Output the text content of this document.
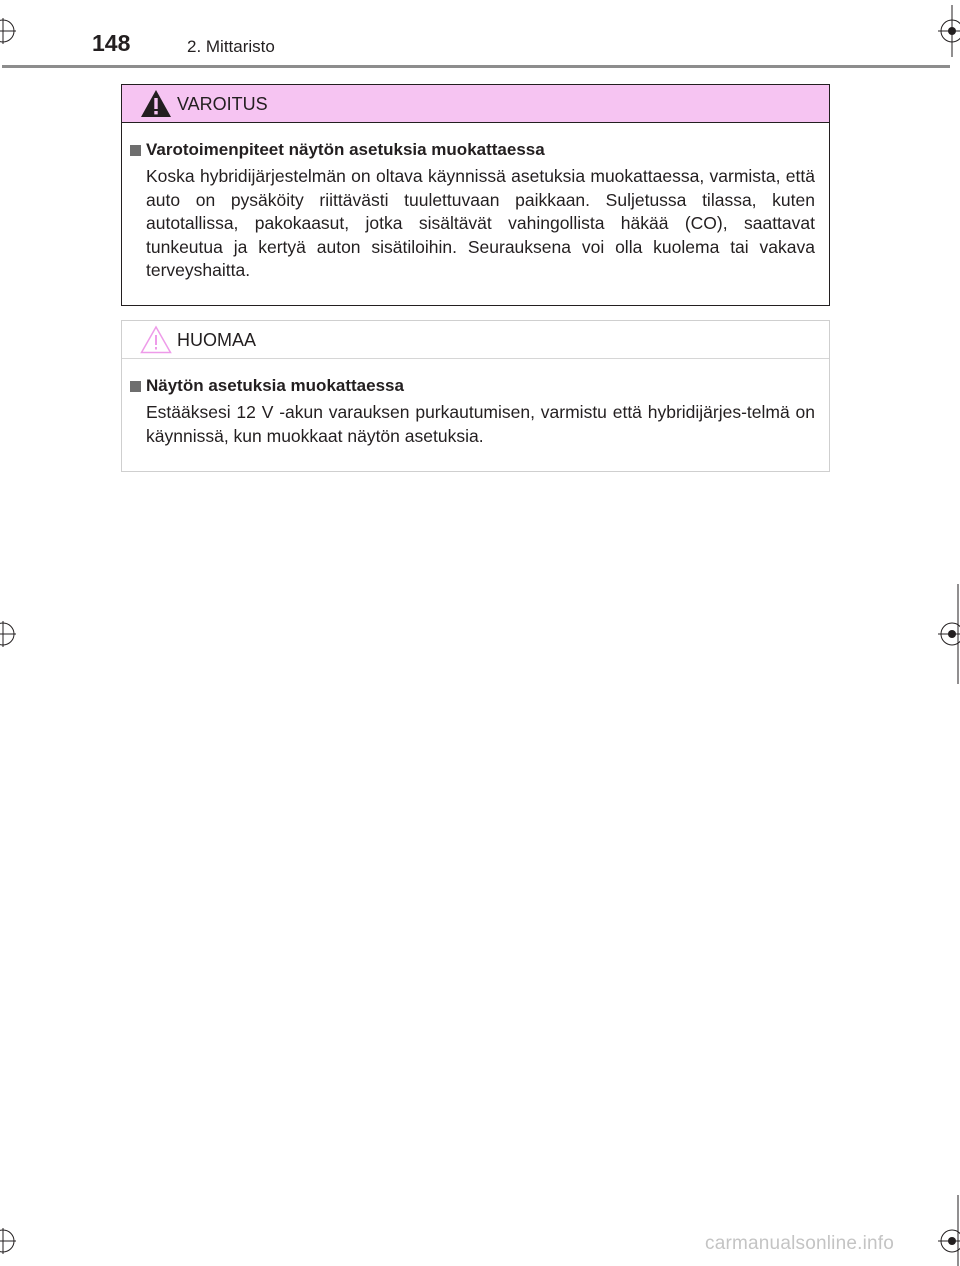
148	2. Mittaristo
VAROITUS
Varotoimenpiteet näytön asetuksia muokattaessa

Koska hybridijärjestelmän on oltava käynnissä asetuksia muokattaessa, varmista, että auto on pysäköity riittävästi tuulettuvaan paikkaan. Suljetussa tilassa, kuten autotallissa, pakokaasut, jotka sisältävät vahingollista häkää (CO), saattavat tunkeutua ja kertyä auton sisätiloihin. Seurauksena voi olla kuolema tai vakava terveyshaitta.

HUOMAA
Näytön asetuksia muokattaessa

Estääksesi 12 V -akun varauksen purkautumisen, varmistu että hybridijärjes-telmä on käynnissä, kun muokkaat näytön asetuksia.

carmanualsonline.info
